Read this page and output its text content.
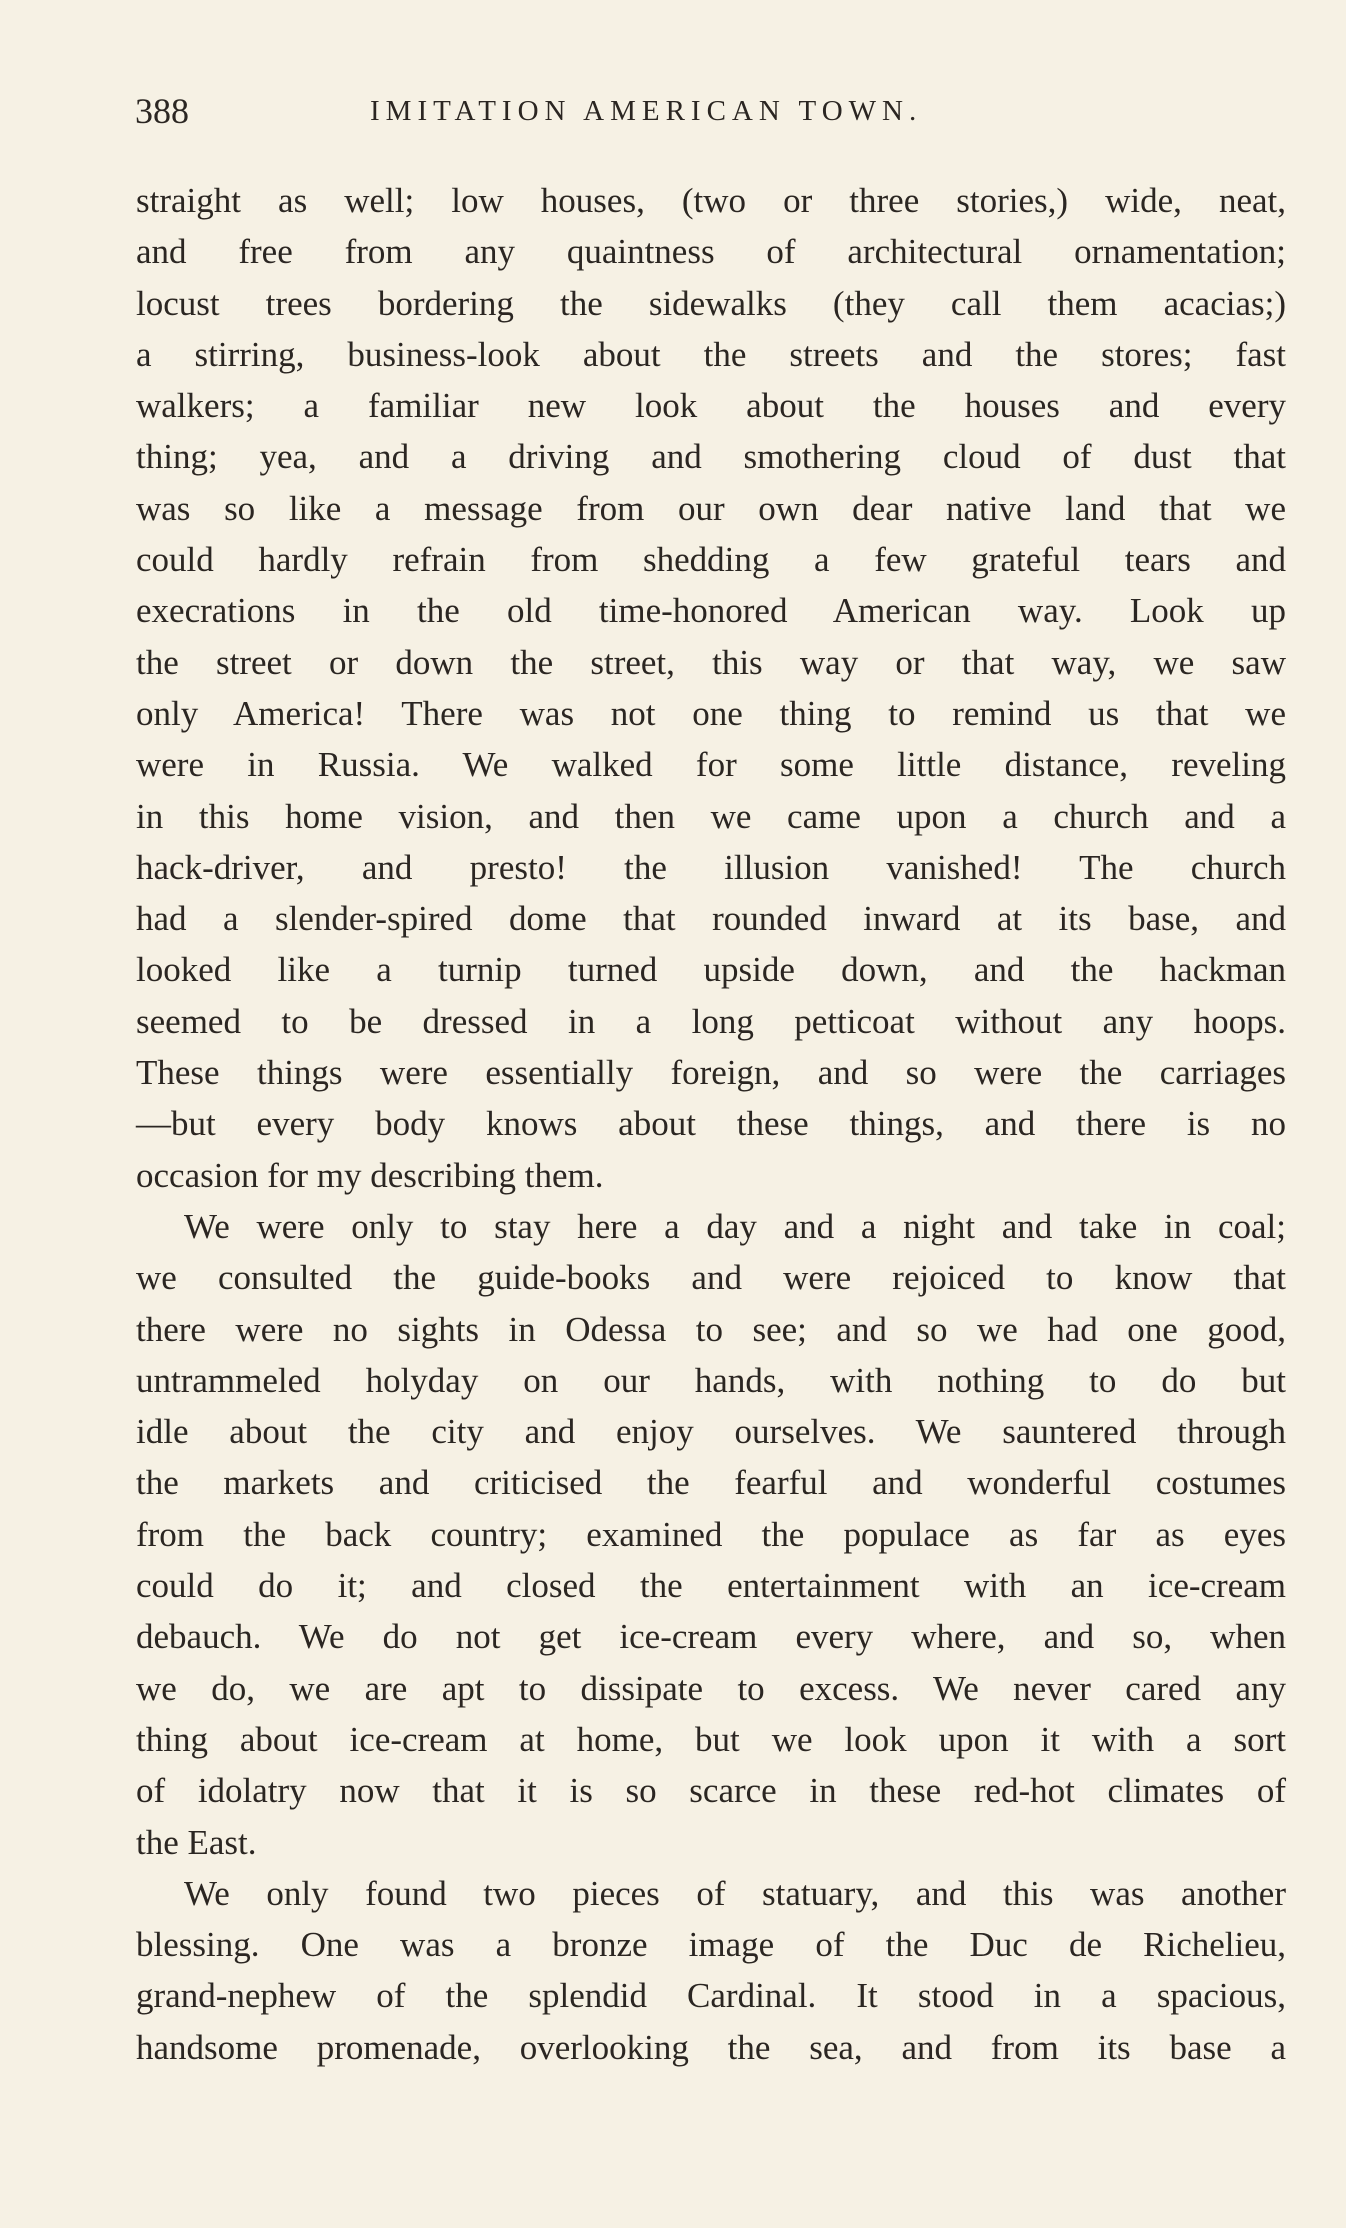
388	IMITATION AMERICAN TOWN.
straight as well; low houses, (two or three stories,) wide, neat,
and free from any quaintness of architectural ornamentation;
locust trees bordering the sidewalks (they call them acacias;)
a stirring, business-look about the streets and the stores; fast
walkers; a familiar new look about the houses and every
thing; yea, and a driving and smothering cloud of dust that
was so like a message from our own dear native land that we
could hardly refrain from shedding a few grateful tears and
execrations in the old time-honored American way. Look up
the street or down the street, this way or that way, we saw
only America! There was not one thing to remind us that we
were in Russia. We walked for some little distance, reveling
in this home vision, and then we came upon a church and a
hack-driver, and presto! the illusion vanished! The church
had a slender-spired dome that rounded inward at its base, and
looked like a turnip turned upside down, and the hackman
seemed to be dressed in a long petticoat without any hoops.
These things were essentially foreign, and so were the carriages
—but every body knows about these things, and there is no
occasion for my describing them.
We were only to stay here a day and a night and take in coal;
we consulted the guide-books and were rejoiced to know that
there were no sights in Odessa to see; and so we had one good,
untrammeled holyday on our hands, with nothing to do but
idle about the city and enjoy ourselves. We sauntered through
the markets and criticised the fearful and wonderful costumes
from the back country; examined the populace as far as eyes
could do it; and closed the entertainment with an ice-cream
debauch. We do not get ice-cream every where, and so, when
we do, we are apt to dissipate to excess. We never cared any
thing about ice-cream at home, but we look upon it with a sort
of idolatry now that it is so scarce in these red-hot climates of
the East.
We only found two pieces of statuary, and this was another
blessing. One was a bronze image of the Duc de Richelieu,
grand-nephew of the splendid Cardinal. It stood in a spacious,
handsome promenade, overlooking the sea, and from its base a
